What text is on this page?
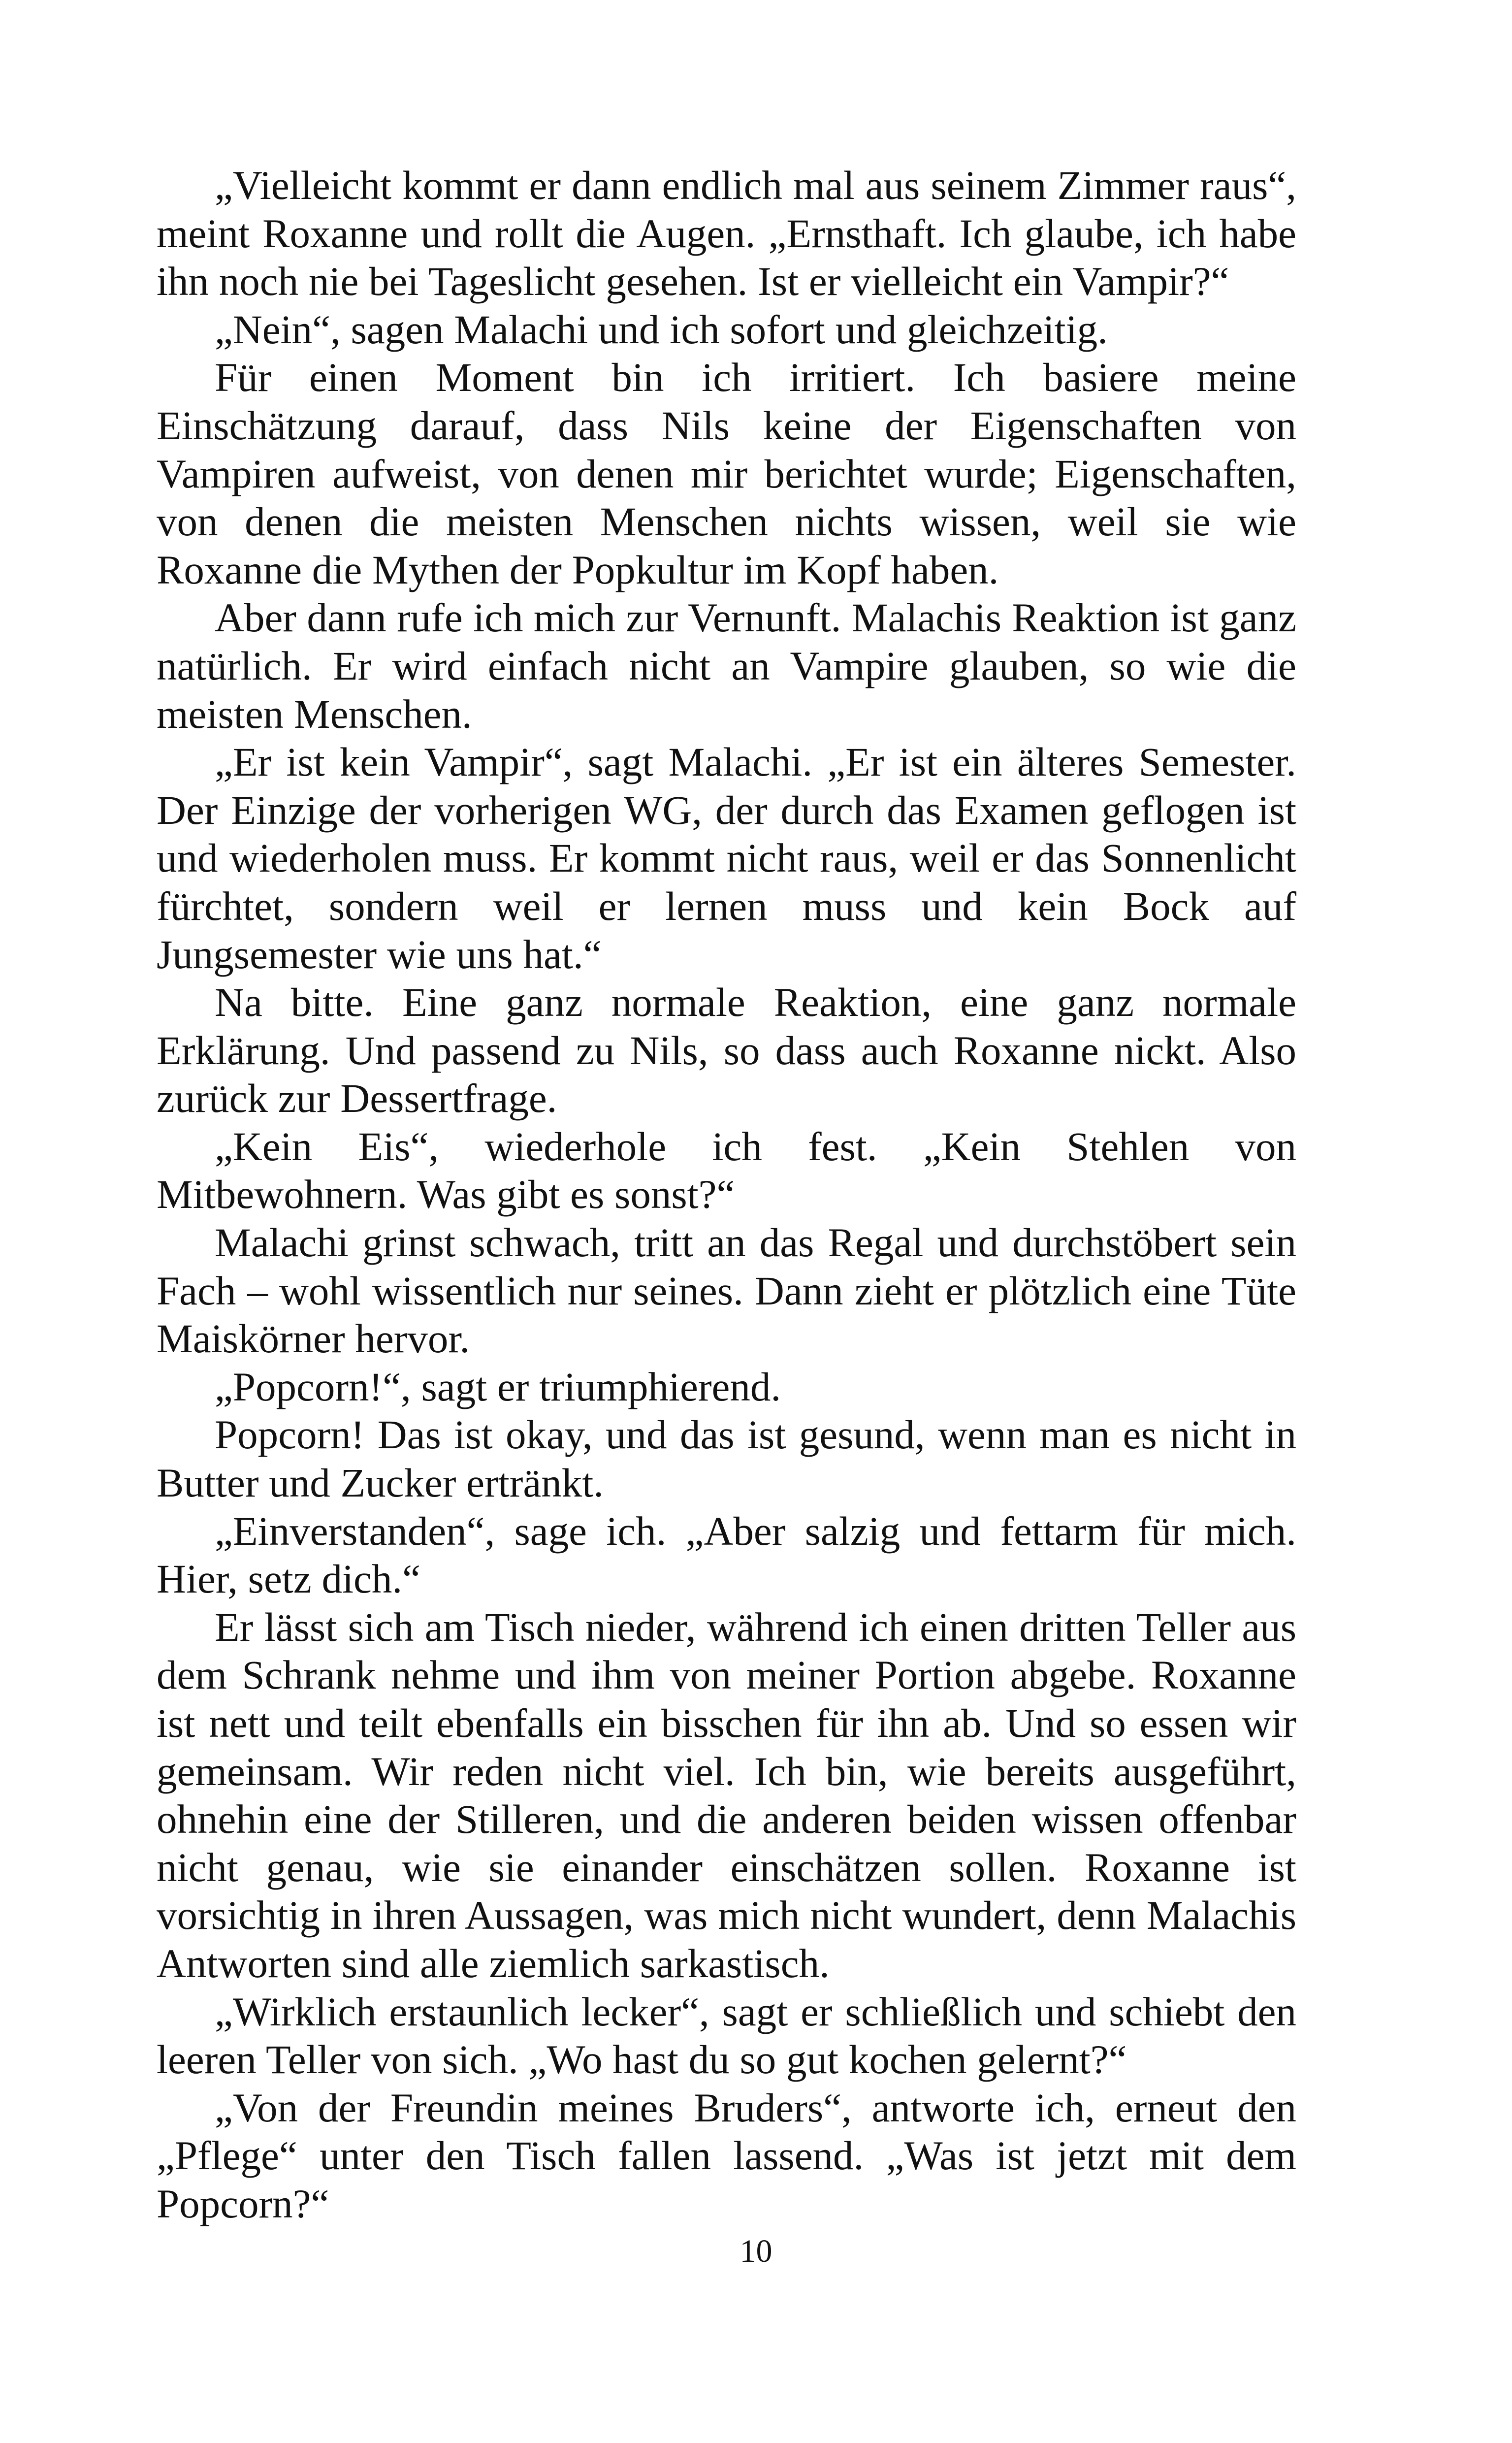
„Vielleicht kommt er dann endlich mal aus seinem Zimmer raus“, meint Roxanne und rollt die Augen. „Ernsthaft. Ich glaube, ich habe ihn noch nie bei Tageslicht gesehen. Ist er vielleicht ein Vampir?“

„Nein“, sagen Malachi und ich sofort und gleichzeitig.

Für einen Moment bin ich irritiert. Ich basiere meine Einschätzung darauf, dass Nils keine der Eigenschaften von Vampiren aufweist, von denen mir berichtet wurde; Eigenschaften, von denen die meisten Menschen nichts wissen, weil sie wie Roxanne die Mythen der Popkultur im Kopf haben.

Aber dann rufe ich mich zur Vernunft. Malachis Reaktion ist ganz natürlich. Er wird einfach nicht an Vampire glauben, so wie die meisten Menschen.

„Er ist kein Vampir“, sagt Malachi. „Er ist ein älteres Semester. Der Einzige der vorherigen WG, der durch das Examen geflogen ist und wiederholen muss. Er kommt nicht raus, weil er das Sonnenlicht fürchtet, sondern weil er lernen muss und kein Bock auf Jungsemester wie uns hat.“

Na bitte. Eine ganz normale Reaktion, eine ganz normale Erklärung. Und passend zu Nils, so dass auch Roxanne nickt. Also zurück zur Dessertfrage.

„Kein Eis“, wiederhole ich fest. „Kein Stehlen von Mitbewohnern. Was gibt es sonst?“

Malachi grinst schwach, tritt an das Regal und durchstöbert sein Fach – wohl wissentlich nur seines. Dann zieht er plötzlich eine Tüte Maiskörner hervor.

„Popcorn!“, sagt er triumphierend.

Popcorn! Das ist okay, und das ist gesund, wenn man es nicht in Butter und Zucker ertränkt.

„Einverstanden“, sage ich. „Aber salzig und fettarm für mich. Hier, setz dich.“

Er lässt sich am Tisch nieder, während ich einen dritten Teller aus dem Schrank nehme und ihm von meiner Portion abgebe. Roxanne ist nett und teilt ebenfalls ein bisschen für ihn ab. Und so essen wir gemeinsam. Wir reden nicht viel. Ich bin, wie bereits ausgeführt, ohnehin eine der Stilleren, und die anderen beiden wissen offenbar nicht genau, wie sie einander einschätzen sollen. Roxanne ist vorsichtig in ihren Aussagen, was mich nicht wundert, denn Malachis Antworten sind alle ziemlich sarkastisch.

„Wirklich erstaunlich lecker“, sagt er schließlich und schiebt den leeren Teller von sich. „Wo hast du so gut kochen gelernt?“

„Von der Freundin meines Bruders“, antworte ich, erneut den „Pflege“ unter den Tisch fallen lassend. „Was ist jetzt mit dem Popcorn?“

10
